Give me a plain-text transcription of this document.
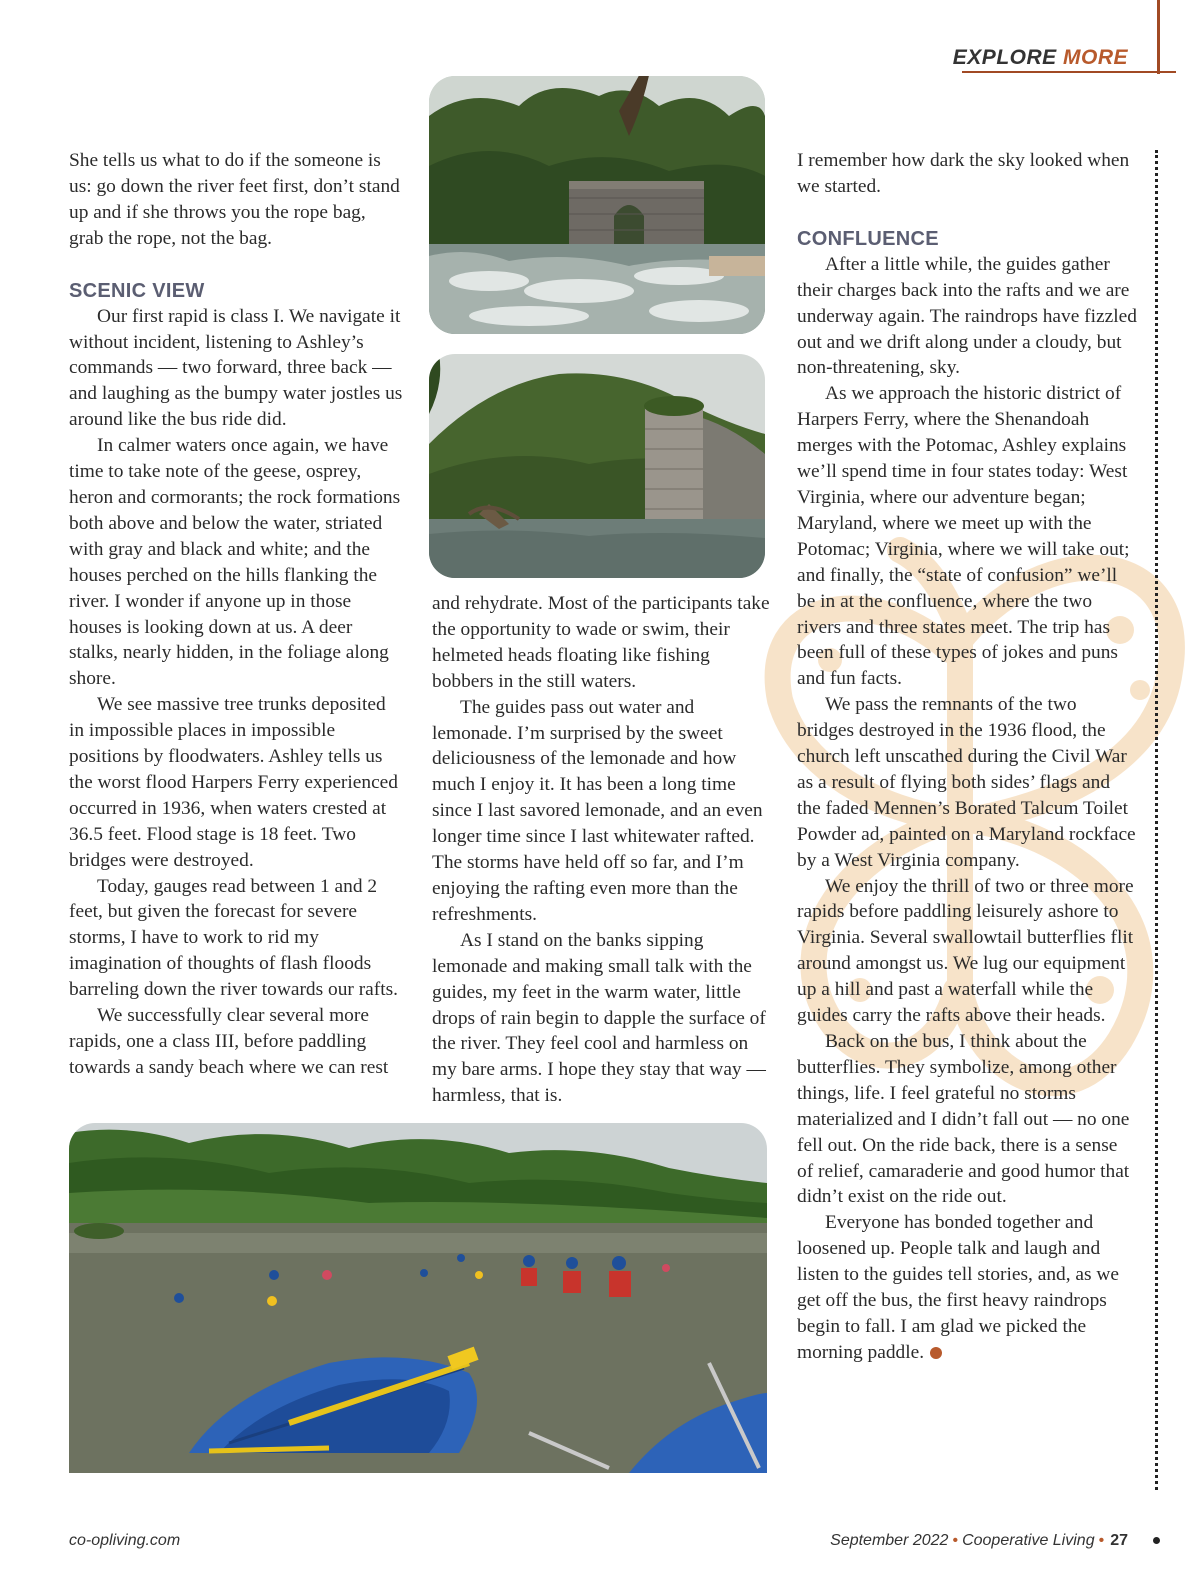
EXPLORE MORE

She tells us what to do if the someone is us: go down the river feet first, don’t stand up and if she throws you the rope bag, grab the rope, not the bag.

SCENIC VIEW

Our first rapid is class I. We navigate it without incident, listening to Ashley’s commands — two forward, three back — and laughing as the bumpy water jostles us around like the bus ride did.

In calmer waters once again, we have time to take note of the geese, osprey, heron and cormorants; the rock formations both above and below the water, striated with gray and black and white; and the houses perched on the hills flanking the river. I wonder if anyone up in those houses is looking down at us. A deer stalks, nearly hidden, in the foliage along shore.

We see massive tree trunks deposited in impossible places in impossible positions by floodwaters. Ashley tells us the worst flood Harpers Ferry experienced occurred in 1936, when waters crested at 36.5 feet. Flood stage is 18 feet. Two bridges were destroyed.

Today, gauges read between 1 and 2 feet, but given the forecast for severe storms, I have to work to rid my imagination of thoughts of flash floods barreling down the river towards our rafts.

We successfully clear several more rapids, one a class III, before paddling towards a sandy beach where we can rest

and rehydrate. Most of the participants take the opportunity to wade or swim, their helmeted heads floating like fishing bobbers in the still waters.

The guides pass out water and lemonade. I’m surprised by the sweet deliciousness of the lemonade and how much I enjoy it. It has been a long time since I last savored lemonade, and an even longer time since I last whitewater rafted. The storms have held off so far, and I’m enjoying the rafting even more than the refreshments.

As I stand on the banks sipping lemonade and making small talk with the guides, my feet in the warm water, little drops of rain begin to dapple the surface of the river. They feel cool and harmless on my bare arms. I hope they stay that way — harmless, that is.

I remember how dark the sky looked when we started.

CONFLUENCE

After a little while, the guides gather their charges back into the rafts and we are underway again. The raindrops have fizzled out and we drift along under a cloudy, but non-threatening, sky.

As we approach the historic district of Harpers Ferry, where the Shenandoah merges with the Potomac, Ashley explains we’ll spend time in four states today: West Virginia, where our adventure began; Maryland, where we meet up with the Potomac; Virginia, where we will take out; and finally, the “state of confusion” we’ll be in at the confluence, where the two rivers and three states meet. The trip has been full of these types of jokes and puns and fun facts.

We pass the remnants of the two bridges destroyed in the 1936 flood, the church left unscathed during the Civil War as a result of flying both sides’ flags and the faded Mennen’s Borated Talcum Toilet Powder ad, painted on a Maryland rockface by a West Virginia company.

We enjoy the thrill of two or three more rapids before paddling leisurely ashore to Virginia. Several swallowtail butterflies flit around amongst us. We lug our equipment up a hill and past a waterfall while the guides carry the rafts above their heads.

Back on the bus, I think about the butterflies. They symbolize, among other things, life. I feel grateful no storms materialized and I didn’t fall out — no one fell out. On the ride back, there is a sense of relief, camaraderie and good humor that didn’t exist on the ride out.

Everyone has bonded together and loosened up. People talk and laugh and listen to the guides tell stories, and, as we get off the bus, the first heavy raindrops begin to fall. I am glad we picked the morning paddle.

co-opliving.com	September 2022 • Cooperative Living • 27
